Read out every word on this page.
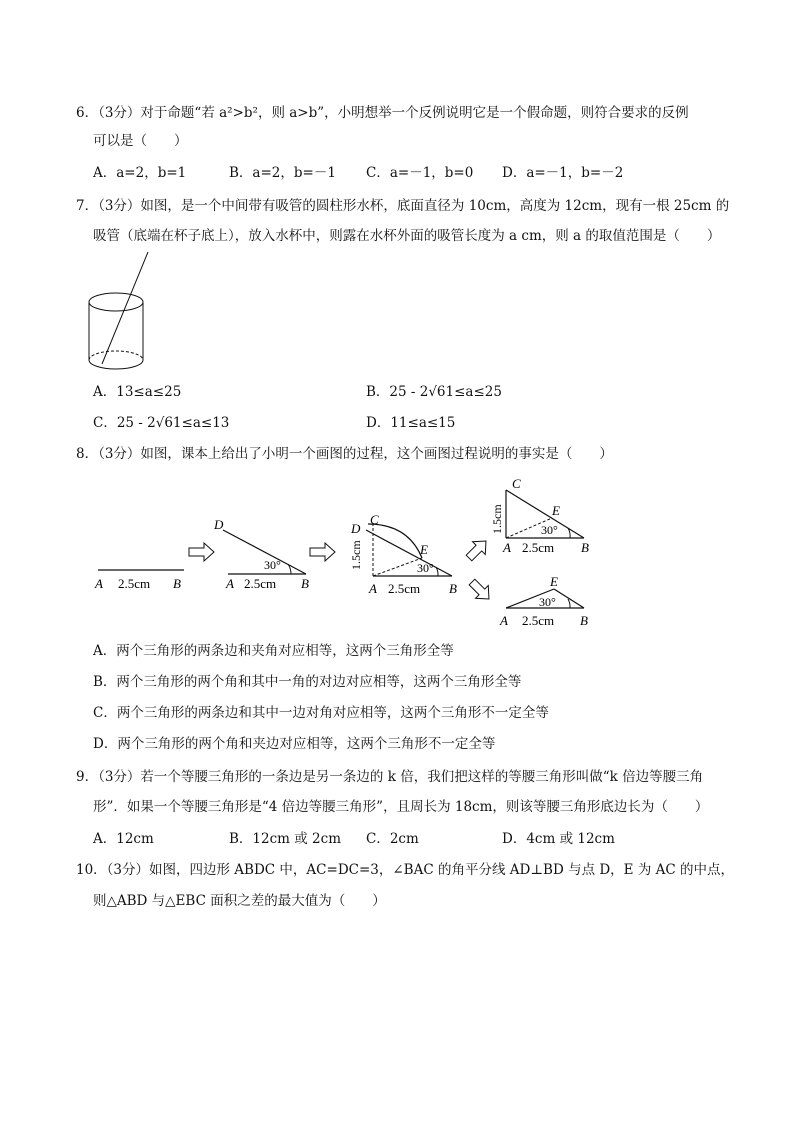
6．（3分）对于命题“若 a²>b²，则 a>b”，小明想举一个反例说明它是一个假命题，则符合要求的反例
可以是（　　）
A．a=2，b=1	B．a=2，b=－1 C．a=－1，b=0 D．a=－1，b=－2
7．（3分）如图，是一个中间带有吸管的圆柱形水杯，底面直径为 10cm，高度为 12cm，现有一根 25cm 的
吸管（底端在杯子底上），放入水杯中，则露在水杯外面的吸管长度为 a cm，则 a 的取值范围是（　　）
A．13≤a≤25	B．25 - 2√61≤a≤25
C．25 - 2√61≤a≤13	D．11≤a≤15
8．（3分）如图，课本上给出了小明一个画图的过程，这个画图过程说明的事实是（　　）
A 2.5cm B
D
30°
A 2.5cm B
D
C
E
30°
1.5cm
A 2.5cm B
C
E
30°
1.5cm
A 2.5cm B
E
30°
A 2.5cm B
A．两个三角形的两条边和夹角对应相等，这两个三角形全等
B．两个三角形的两个角和其中一角的对边对应相等，这两个三角形全等
C．两个三角形的两条边和其中一边对角对应相等，这两个三角形不一定全等
D．两个三角形的两个角和夹边对应相等，这两个三角形不一定全等
9．（3分）若一个等腰三角形的一条边是另一条边的 k 倍，我们把这样的等腰三角形叫做“k 倍边等腰三角
形”．如果一个等腰三角形是“4 倍边等腰三角形”，且周长为 18cm，则该等腰三角形底边长为（　　）
A．12cm	B．12cm 或 2cm C．2cm	D．4cm 或 12cm
10．（3分）如图，四边形 ABDC 中，AC=DC=3，∠BAC 的角平分线 AD⊥BD 与点 D，E 为 AC 的中点，
则△ABD 与△EBC 面积之差的最大值为（　　）
